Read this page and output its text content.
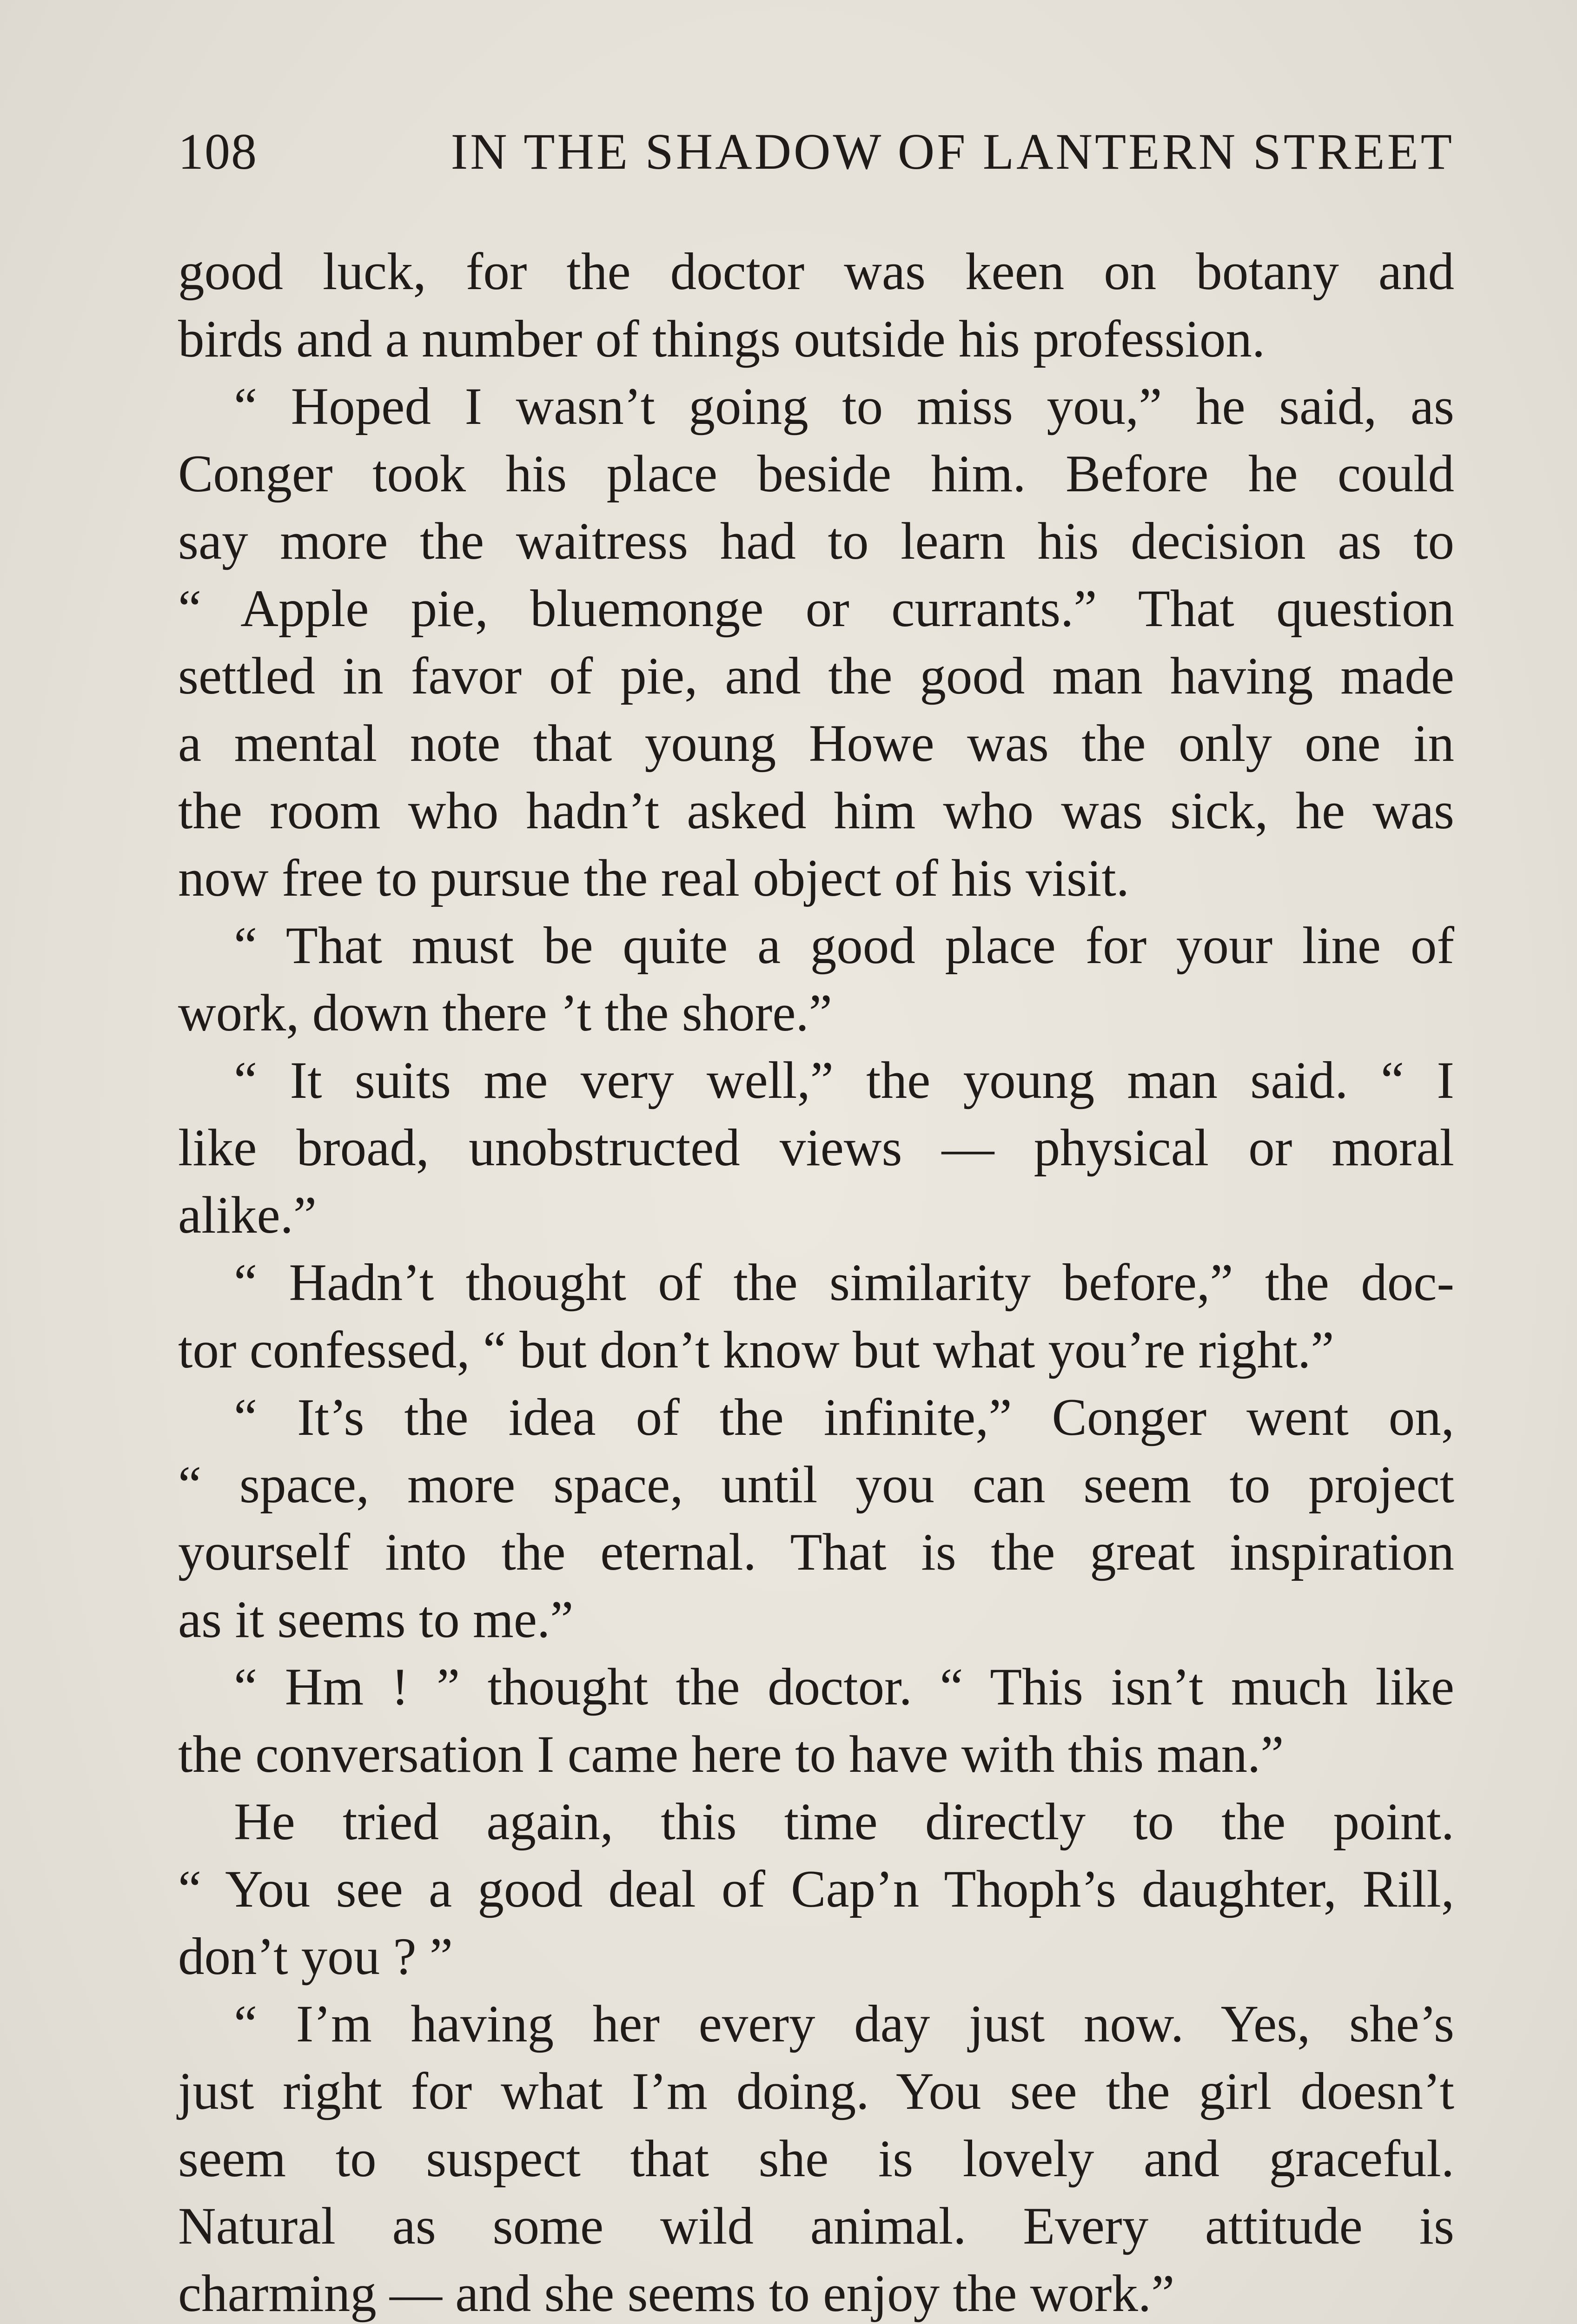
108	IN THE SHADOW OF LANTERN STREET
good luck, for the doctor was keen on botany and
birds and a number of things outside his profession.
“ Hoped I wasn’t going to miss you,” he said, as
Conger took his place beside him. Before he could
say more the waitress had to learn his decision as to
“ Apple pie, bluemonge or currants.” That question
settled in favor of pie, and the good man having made
a mental note that young Howe was the only one in
the room who hadn’t asked him who was sick, he was
now free to pursue the real object of his visit.
“ That must be quite a good place for your line of
work, down there ’t the shore.”
“ It suits me very well,” the young man said. “ I
like broad, unobstructed views — physical or moral
alike.”
“ Hadn’t thought of the similarity before,” the doc-
tor confessed, “ but don’t know but what you’re right.”
“ It’s the idea of the infinite,” Conger went on,
“ space, more space, until you can seem to project
yourself into the eternal. That is the great inspiration
as it seems to me.”
“ Hm ! ” thought the doctor. “ This isn’t much like
the conversation I came here to have with this man.”
He tried again, this time directly to the point.
“ You see a good deal of Cap’n Thoph’s daughter, Rill,
don’t you ? ”
“ I’m having her every day just now. Yes, she’s
just right for what I’m doing. You see the girl doesn’t
seem to suspect that she is lovely and graceful.
Natural as some wild animal. Every attitude is
charming — and she seems to enjoy the work.”
